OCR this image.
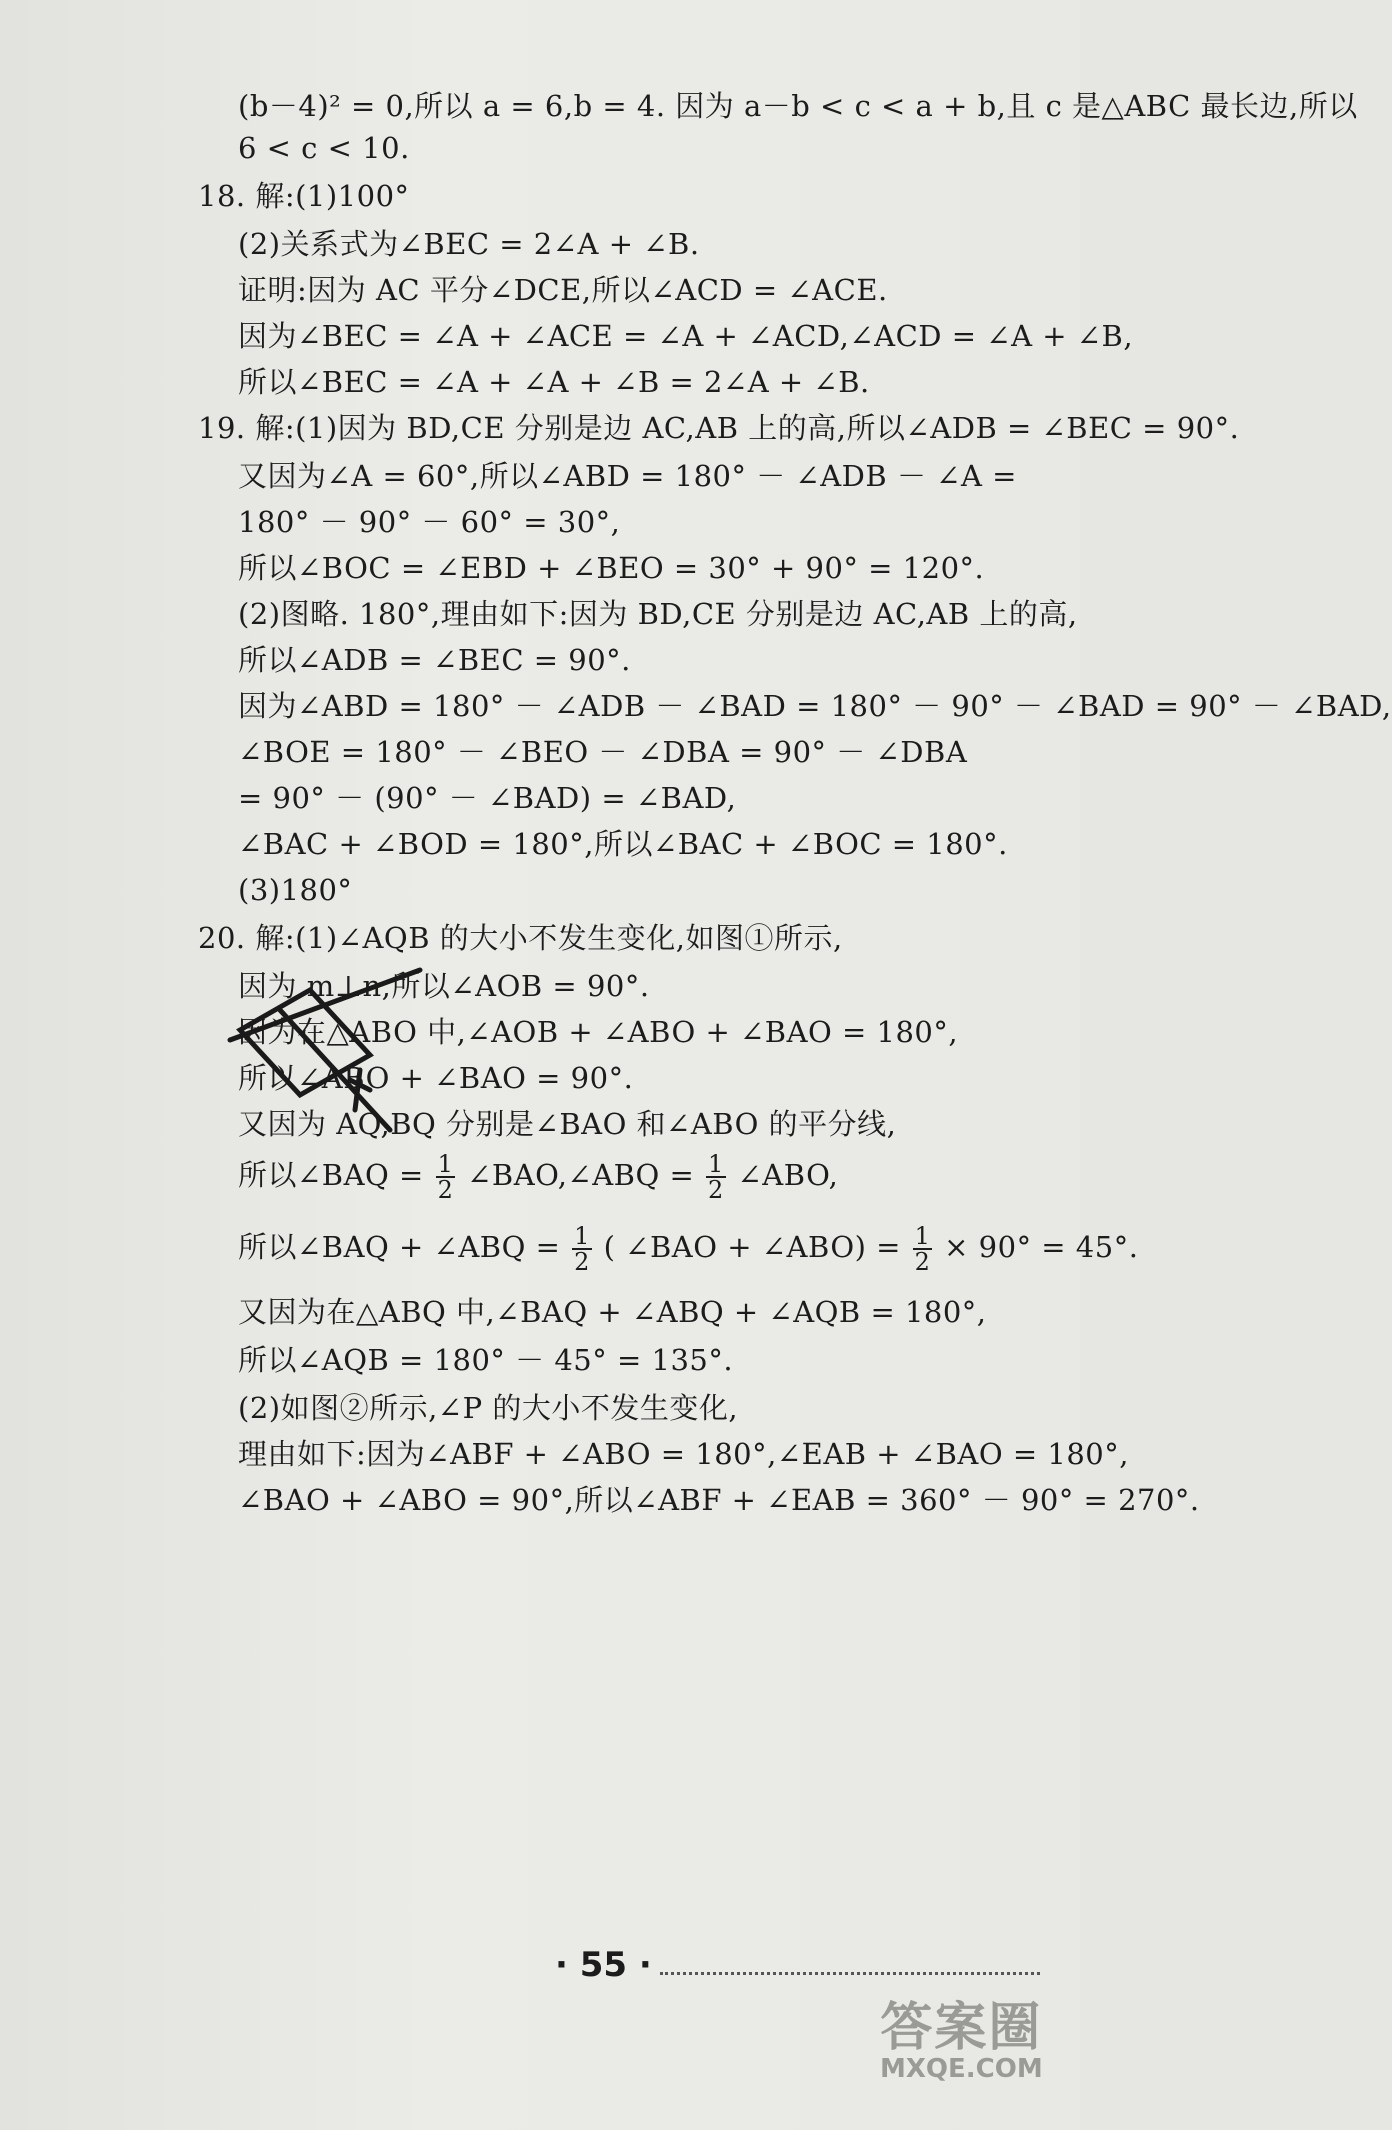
(b－4)² = 0,所以 a = 6,b = 4. 因为 a－b < c < a + b,且 c 是△ABC 最长边,所以
6 < c < 10.
18. 解:(1)100°
(2)关系式为∠BEC = 2∠A + ∠B.
证明:因为 AC 平分∠DCE,所以∠ACD = ∠ACE.
因为∠BEC = ∠A + ∠ACE = ∠A + ∠ACD,∠ACD = ∠A + ∠B,
所以∠BEC = ∠A + ∠A + ∠B = 2∠A + ∠B.
19. 解:(1)因为 BD,CE 分别是边 AC,AB 上的高,所以∠ADB = ∠BEC = 90°.
又因为∠A = 60°,所以∠ABD = 180° － ∠ADB － ∠A =
180° － 90° － 60° = 30°,
所以∠BOC = ∠EBD + ∠BEO = 30° + 90° = 120°.
(2)图略. 180°,理由如下:因为 BD,CE 分别是边 AC,AB 上的高,
所以∠ADB = ∠BEC = 90°.
因为∠ABD = 180° － ∠ADB － ∠BAD = 180° － 90° － ∠BAD = 90° － ∠BAD,
∠BOE = 180° － ∠BEO － ∠DBA = 90° － ∠DBA
= 90° － (90° － ∠BAD) = ∠BAD,
∠BAC + ∠BOD = 180°,所以∠BAC + ∠BOC = 180°.
(3)180°
20. 解:(1)∠AQB 的大小不发生变化,如图①所示,
因为 m⊥n,所以∠AOB = 90°.
因为在△ABO 中,∠AOB + ∠ABO + ∠BAO = 180°,
所以∠ABO + ∠BAO = 90°.
又因为 AQ,BQ 分别是∠BAO 和∠ABO 的平分线,
所以∠BAQ = $\frac{1}{2}$ ∠BAO,∠ABQ = $\frac{1}{2}$ ∠ABO,
所以∠BAQ + ∠ABQ = $\frac{1}{2}$ ( ∠BAO + ∠ABO) = $\frac{1}{2} \times 90^\circ = 45^\circ$.
又因为在△ABQ 中,∠BAQ + ∠ABQ + ∠AQB = 180°,
所以∠AQB = 180° － 45° = 135°.
(2)如图②所示,∠P 的大小不发生变化,
理由如下:因为∠ABF + ∠ABO = 180°,∠EAB + ∠BAO = 180°,
∠BAO + ∠ABO = 90°,所以∠ABF + ∠EAB = 360° － 90° = 270°.
· 55 ·
答案圈
MXQE.COM
